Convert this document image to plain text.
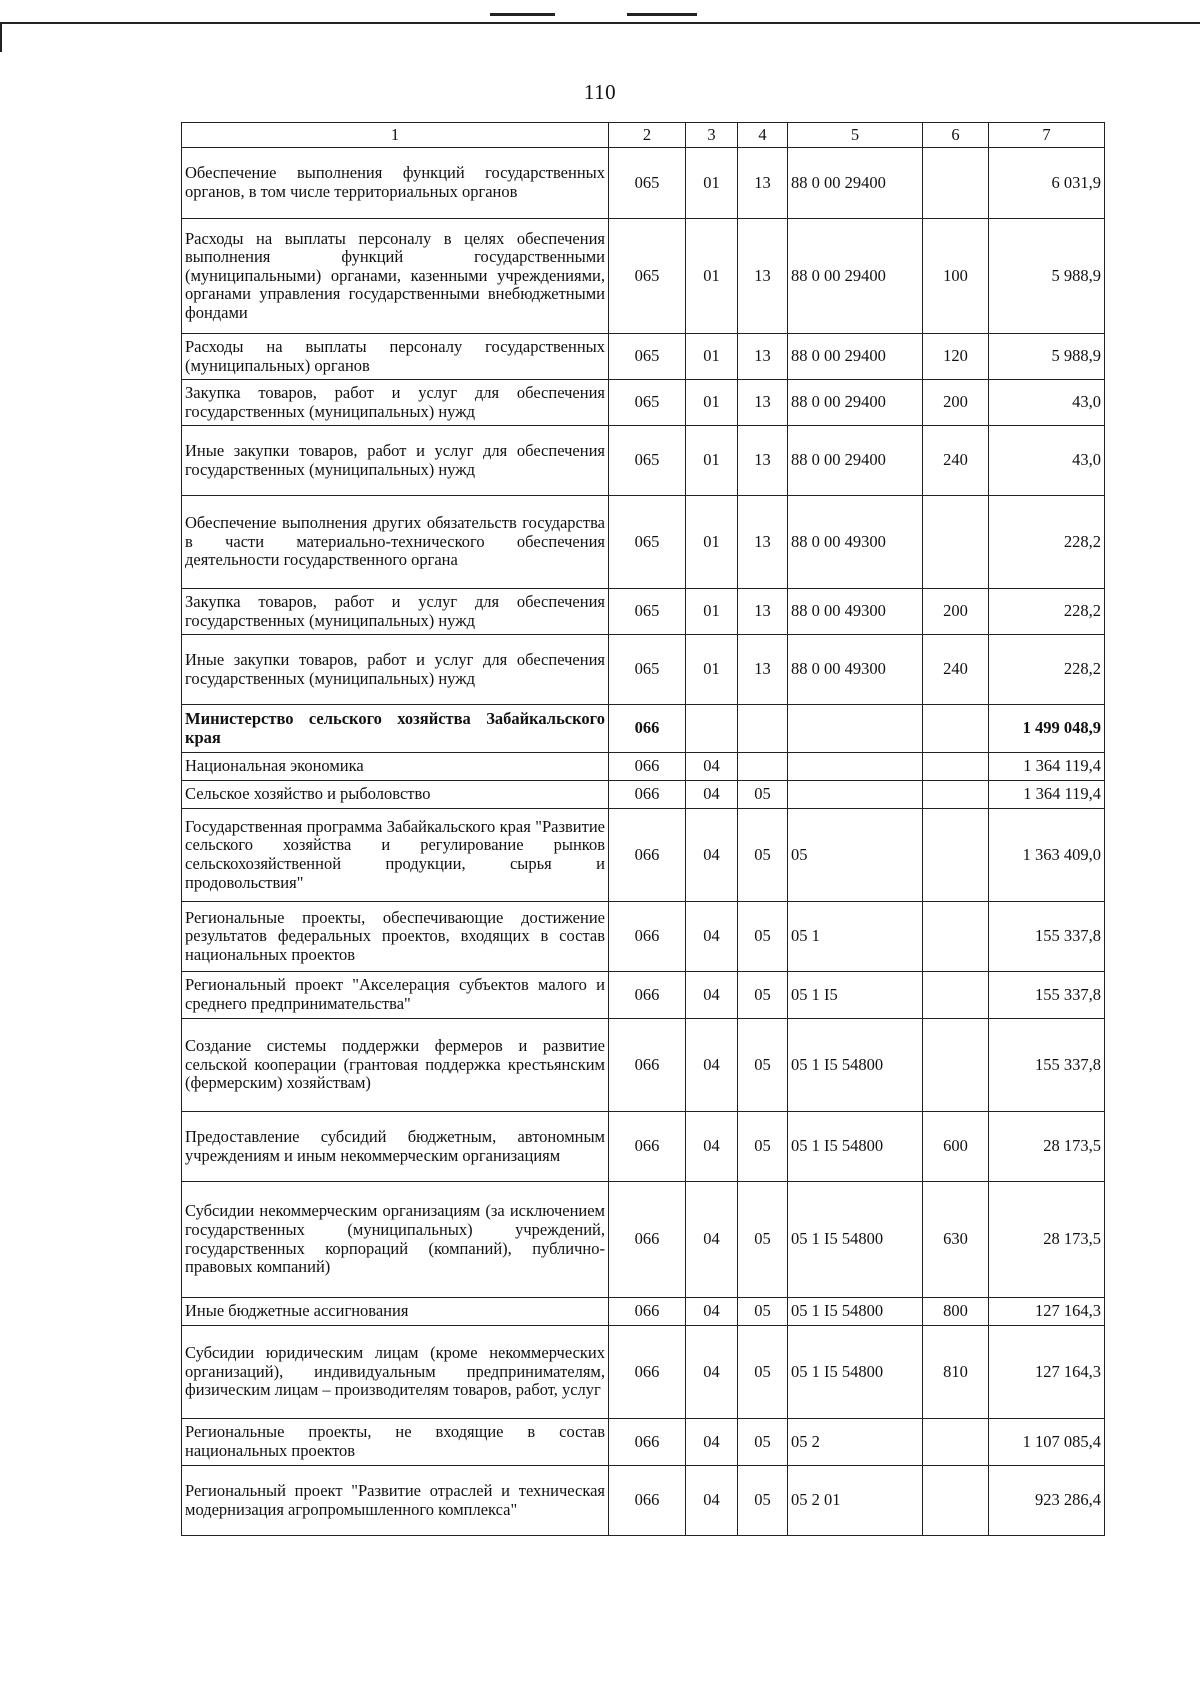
110
1	2	3	4	5	6	7
Обеспечение выполнения функций государственных органов, в том числе территориальных органов	065	01	13	88 0 00 29400		6 031,9
Расходы на выплаты персоналу в целях обеспечения выполнения функций государственными (муниципальными) органами, казенными учреждениями, органами управления государственными внебюджетными фондами	065	01	13	88 0 00 29400	100	5 988,9
Расходы на выплаты персоналу государственных (муниципальных) органов	065	01	13	88 0 00 29400	120	5 988,9
Закупка товаров, работ и услуг для обеспечения государственных (муниципальных) нужд	065	01	13	88 0 00 29400	200	43,0
Иные закупки товаров, работ и услуг для обеспечения государственных (муниципальных) нужд	065	01	13	88 0 00 29400	240	43,0
Обеспечение выполнения других обязательств государства в части материально-технического обеспечения деятельности государственного органа	065	01	13	88 0 00 49300		228,2
Закупка товаров, работ и услуг для обеспечения государственных (муниципальных) нужд	065	01	13	88 0 00 49300	200	228,2
Иные закупки товаров, работ и услуг для обеспечения государственных (муниципальных) нужд	065	01	13	88 0 00 49300	240	228,2
Министерство сельского хозяйства Забайкальского края	066					1 499 048,9
Национальная экономика	066	04				1 364 119,4
Сельское хозяйство и рыболовство	066	04	05			1 364 119,4
Государственная программа Забайкальского края "Развитие сельского хозяйства и регулирование рынков сельскохозяйственной продукции, сырья и продовольствия"	066	04	05	05		1 363 409,0
Региональные проекты, обеспечивающие достижение результатов федеральных проектов, входящих в состав национальных проектов	066	04	05	05 1		155 337,8
Региональный проект "Акселерация субъектов малого и среднего предпринимательства"	066	04	05	05 1 I5		155 337,8
Создание системы поддержки фермеров и развитие сельской кооперации (грантовая поддержка крестьянским (фермерским) хозяйствам)	066	04	05	05 1 I5 54800		155 337,8
Предоставление субсидий бюджетным, автономным учреждениям и иным некоммерческим организациям	066	04	05	05 1 I5 54800	600	28 173,5
Субсидии некоммерческим организациям (за исключением государственных (муниципальных) учреждений, государственных корпораций (компаний), публично-правовых компаний)	066	04	05	05 1 I5 54800	630	28 173,5
Иные бюджетные ассигнования	066	04	05	05 1 I5 54800	800	127 164,3
Субсидии юридическим лицам (кроме некоммерческих организаций), индивидуальным предпринимателям, физическим лицам – производителям товаров, работ, услуг	066	04	05	05 1 I5 54800	810	127 164,3
Региональные проекты, не входящие в состав национальных проектов	066	04	05	05 2		1 107 085,4
Региональный проект "Развитие отраслей и техническая модернизация агропромышленного комплекса"	066	04	05	05 2 01		923 286,4
